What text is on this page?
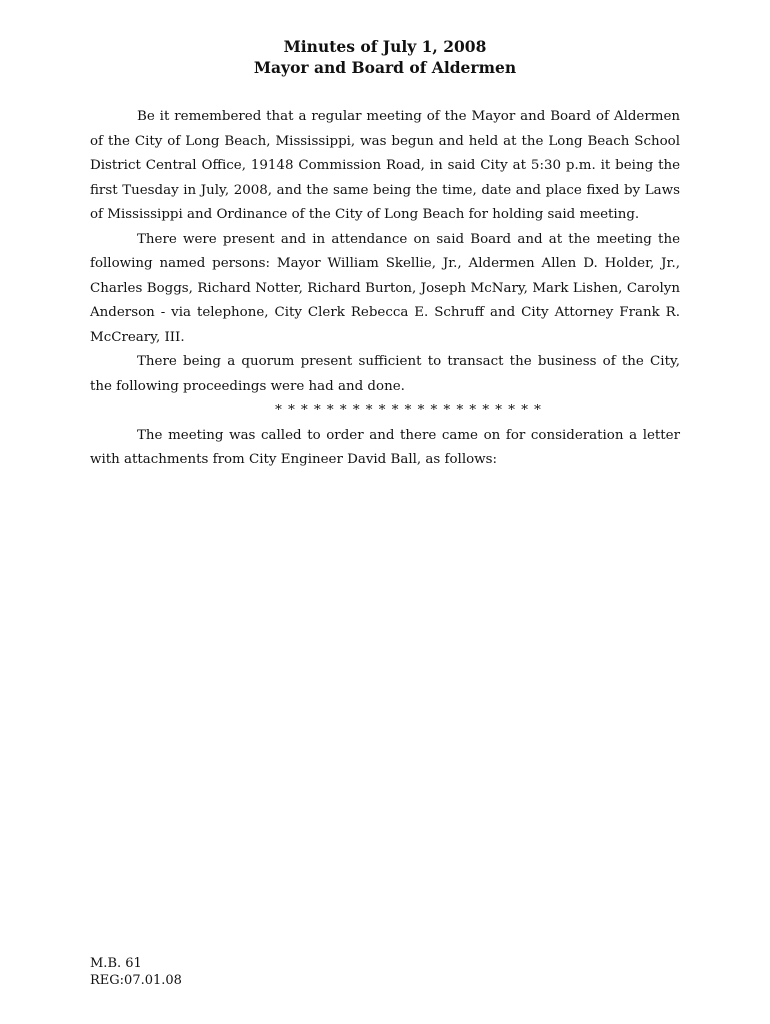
Minutes of July 1, 2008
Mayor and Board of Aldermen

Be it remembered that a regular meeting of the Mayor and Board of Aldermen of the City of Long Beach, Mississippi, was begun and held at the Long Beach School District Central Office, 19148 Commission Road, in said City at 5:30 p.m. it being the first Tuesday in July, 2008, and the same being the time, date and place fixed by Laws of Mississippi and Ordinance of the City of Long Beach for holding said meeting.

There were present and in attendance on said Board and at the meeting the following named persons: Mayor William Skellie, Jr., Aldermen Allen D. Holder, Jr., Charles Boggs, Richard Notter, Richard Burton, Joseph McNary, Mark Lishen, Carolyn Anderson - via telephone, City Clerk Rebecca E. Schruff and City Attorney Frank R. McCreary, III.

There being a quorum present sufficient to transact the business of the City, the following proceedings were had and done.

* * * * * * * * * * * * * * * * * * * * *

The meeting was called to order and there came on for consideration a letter with attachments from City Engineer David Ball, as follows:

M.B. 61
REG:07.01.08
